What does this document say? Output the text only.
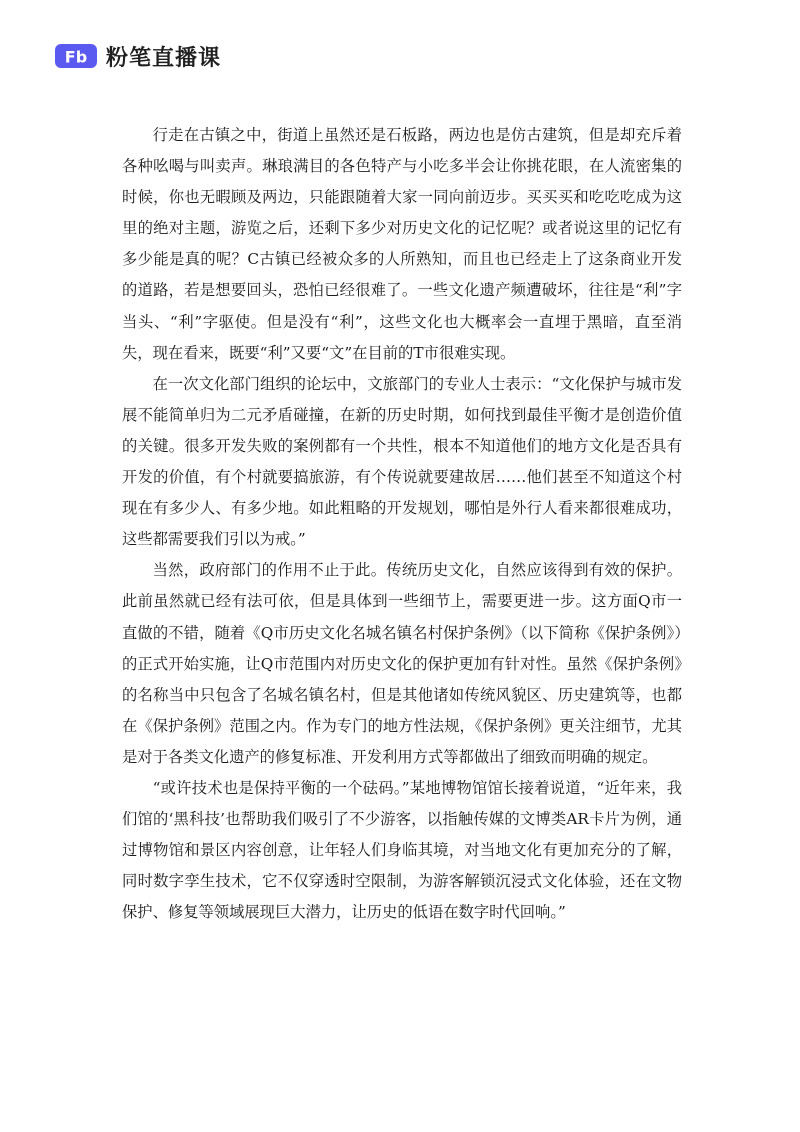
Fb 粉笔直播课

行走在古镇之中，街道上虽然还是石板路，两边也是仿古建筑，但是却充斥着各种吆喝与叫卖声。琳琅满目的各色特产与小吃多半会让你挑花眼，在人流密集的时候，你也无暇顾及两边，只能跟随着大家一同向前迈步。买买买和吃吃吃成为这里的绝对主题，游览之后，还剩下多少对历史文化的记忆呢？或者说这里的记忆有多少能是真的呢？C古镇已经被众多的人所熟知，而且也已经走上了这条商业开发的道路，若是想要回头，恐怕已经很难了。一些文化遗产频遭破坏，往往是“利”字当头、“利”字驱使。但是没有“利”，这些文化也大概率会一直埋于黑暗，直至消失，现在看来，既要“利”又要“文”在目前的T市很难实现。

在一次文化部门组织的论坛中，文旅部门的专业人士表示：“文化保护与城市发展不能简单归为二元矛盾碰撞，在新的历史时期，如何找到最佳平衡才是创造价值的关键。很多开发失败的案例都有一个共性，根本不知道他们的地方文化是否具有开发的价值，有个村就要搞旅游，有个传说就要建故居……他们甚至不知道这个村现在有多少人、有多少地。如此粗略的开发规划，哪怕是外行人看来都很难成功，这些都需要我们引以为戒。”

当然，政府部门的作用不止于此。传统历史文化，自然应该得到有效的保护。此前虽然就已经有法可依，但是具体到一些细节上，需要更进一步。这方面Q市一直做的不错，随着《Q市历史文化名城名镇名村保护条例》（以下简称《保护条例》）的正式开始实施，让Q市范围内对历史文化的保护更加有针对性。虽然《保护条例》的名称当中只包含了名城名镇名村，但是其他诸如传统风貌区、历史建筑等，也都在《保护条例》范围之内。作为专门的地方性法规，《保护条例》更关注细节，尤其是对于各类文化遗产的修复标准、开发利用方式等都做出了细致而明确的规定。

“或许技术也是保持平衡的一个砝码。”某地博物馆馆长接着说道，“近年来，我们馆的‘黑科技’也帮助我们吸引了不少游客，以指触传媒的文博类AR卡片为例，通过博物馆和景区内容创意，让年轻人们身临其境，对当地文化有更加充分的了解，同时数字孪生技术，它不仅穿透时空限制，为游客解锁沉浸式文化体验，还在文物保护、修复等领域展现巨大潜力，让历史的低语在数字时代回响。”
